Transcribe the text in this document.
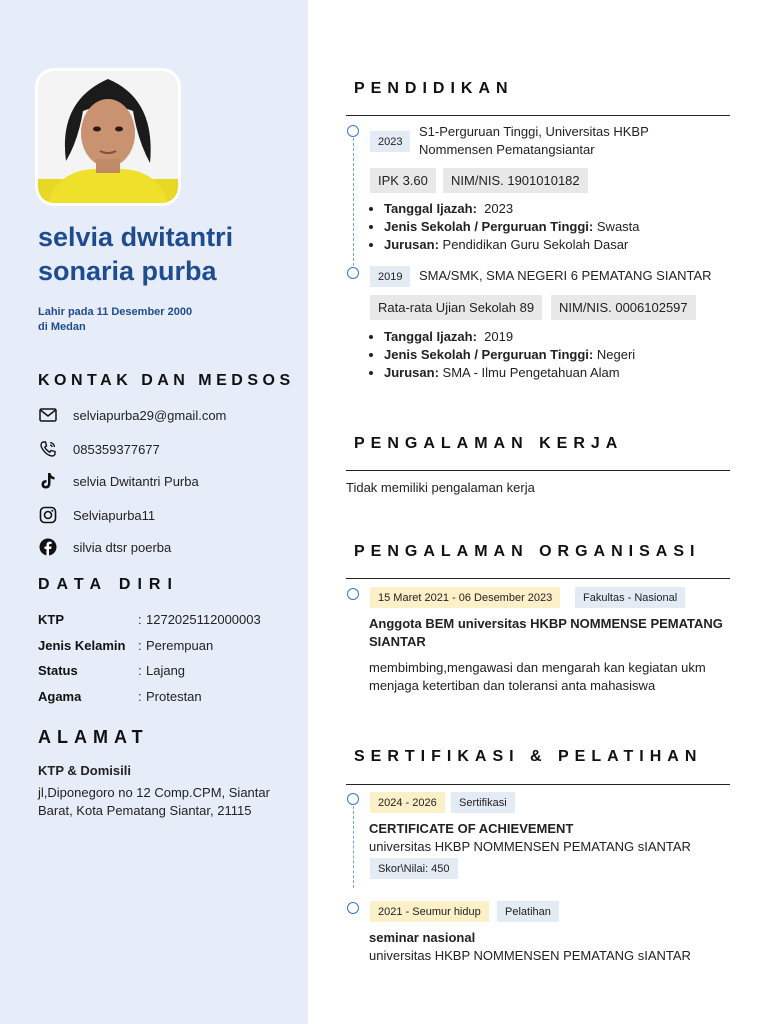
selvia dwitantri sonaria purba
Lahir pada 11 Desember 2000
di Medan
KONTAK DAN MEDSOS
selviapurba29@gmail.com
085359377677
selvia Dwitantri Purba
Selviapurba11
silvia dtsr poerba
DATA DIRI
KTP	: 1272025112000003
Jenis Kelamin : Perempuan
Status	: Lajang
Agama	: Protestan
ALAMAT
KTP & Domisili
jl,Diponegoro no 12 Comp.CPM, Siantar Barat, Kota Pematang Siantar, 21115
PENDIDIKAN
2023
S1-Perguruan Tinggi, Universitas HKBP Nommensen Pematangsiantar
IPK 3.60	NIM/NIS. 1901010182
• Tanggal Ijazah: 2023
• Jenis Sekolah / Perguruan Tinggi: Swasta
• Jurusan: Pendidikan Guru Sekolah Dasar
2019	SMA/SMK, SMA NEGERI 6 PEMATANG SIANTAR
Rata-rata Ujian Sekolah 89	NIM/NIS. 0006102597
• Tanggal Ijazah: 2019
• Jenis Sekolah / Perguruan Tinggi: Negeri
• Jurusan: SMA - Ilmu Pengetahuan Alam
PENGALAMAN KERJA
Tidak memiliki pengalaman kerja
PENGALAMAN ORGANISASI
15 Maret 2021 - 06 Desember 2023	Fakultas - Nasional
Anggota BEM universitas HKBP NOMMENSE PEMATANG SIANTAR
membimbing,mengawasi dan mengarah kan kegiatan ukm menjaga ketertiban dan toleransi anta mahasiswa
SERTIFIKASI & PELATIHAN
2024 - 2026	Sertifikasi
CERTIFICATE OF ACHIEVEMENT
universitas HKBP NOMMENSEN PEMATANG sIANTAR
Skor\Nilai: 450
2021 - Seumur hidup	Pelatihan
seminar nasional
universitas HKBP NOMMENSEN PEMATANG sIANTAR
